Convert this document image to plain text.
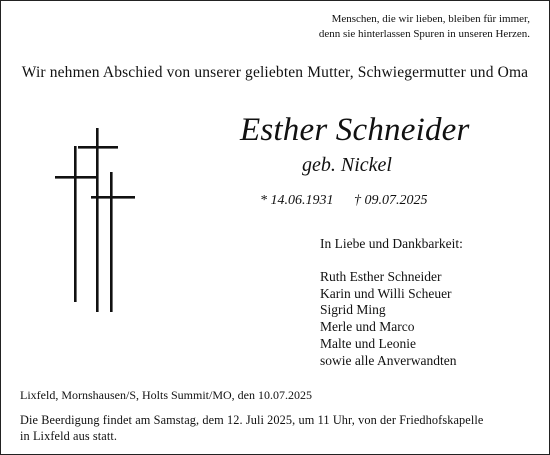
Menschen, die wir lieben, bleiben für immer,
denn sie hinterlassen Spuren in unseren Herzen.
Wir nehmen Abschied von unserer geliebten Mutter, Schwiegermutter und Oma
Esther Schneider
geb. Nickel
* 14.06.1931 † 09.07.2025
In Liebe und Dankbarkeit:
Ruth Esther Schneider
Karin und Willi Scheuer
Sigrid Ming
Merle und Marco
Malte und Leonie
sowie alle Anverwandten
Lixfeld, Mornshausen/S, Holts Summit/MO, den 10.07.2025
Die Beerdigung findet am Samstag, dem 12. Juli 2025, um 11 Uhr, von der Friedhofskapelle
in Lixfeld aus statt.
